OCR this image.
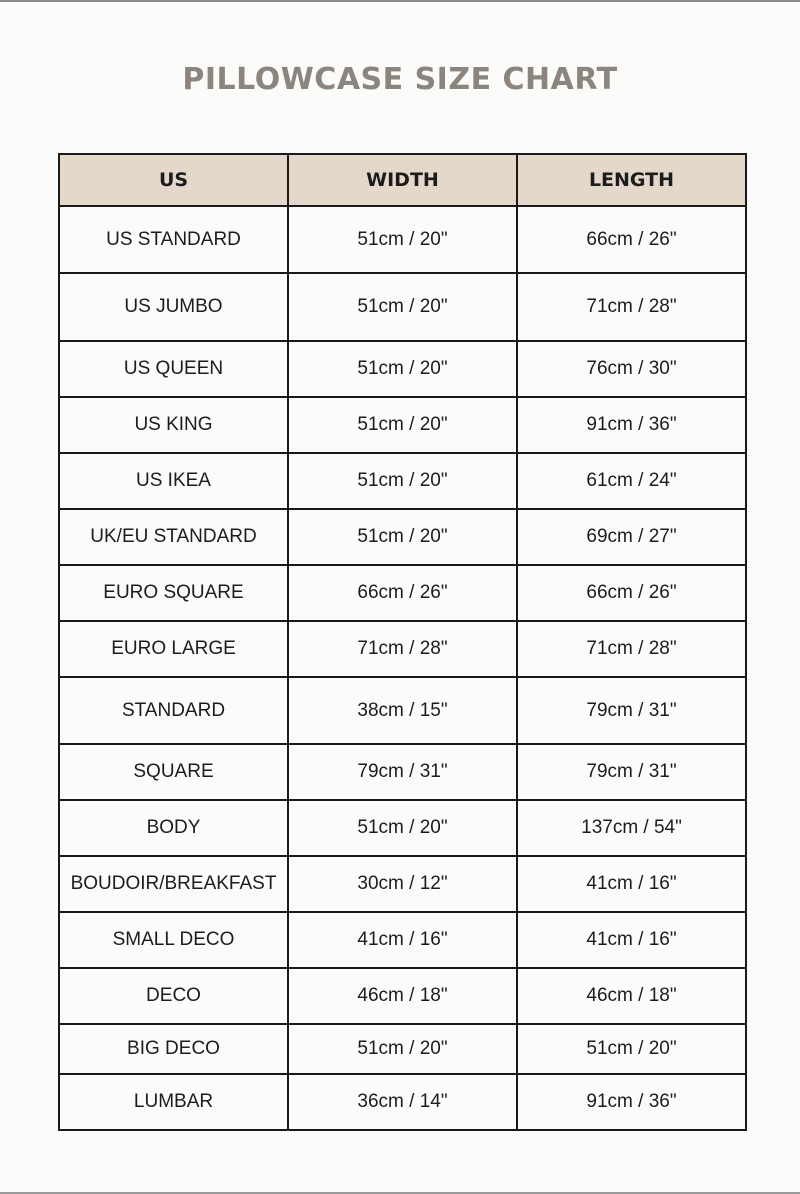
PILLOWCASE SIZE CHART
US	WIDTH	LENGTH
US STANDARD	51cm / 20"	66cm / 26"
US JUMBO	51cm / 20"	71cm / 28"
US QUEEN	51cm / 20"	76cm / 30"
US KING	51cm / 20"	91cm / 36"
US IKEA	51cm / 20"	61cm / 24"
UK/EU STANDARD	51cm / 20"	69cm / 27"
EURO SQUARE	66cm / 26"	66cm / 26"
EURO LARGE	71cm / 28"	71cm / 28"
STANDARD	38cm / 15"	79cm / 31"
SQUARE	79cm / 31"	79cm / 31"
BODY	51cm / 20"	137cm / 54"
BOUDOIR/BREAKFAST	30cm / 12"	41cm / 16"
SMALL DECO	41cm / 16"	41cm / 16"
DECO	46cm / 18"	46cm / 18"
BIG DECO	51cm / 20"	51cm / 20"
LUMBAR	36cm / 14"	91cm / 36"
